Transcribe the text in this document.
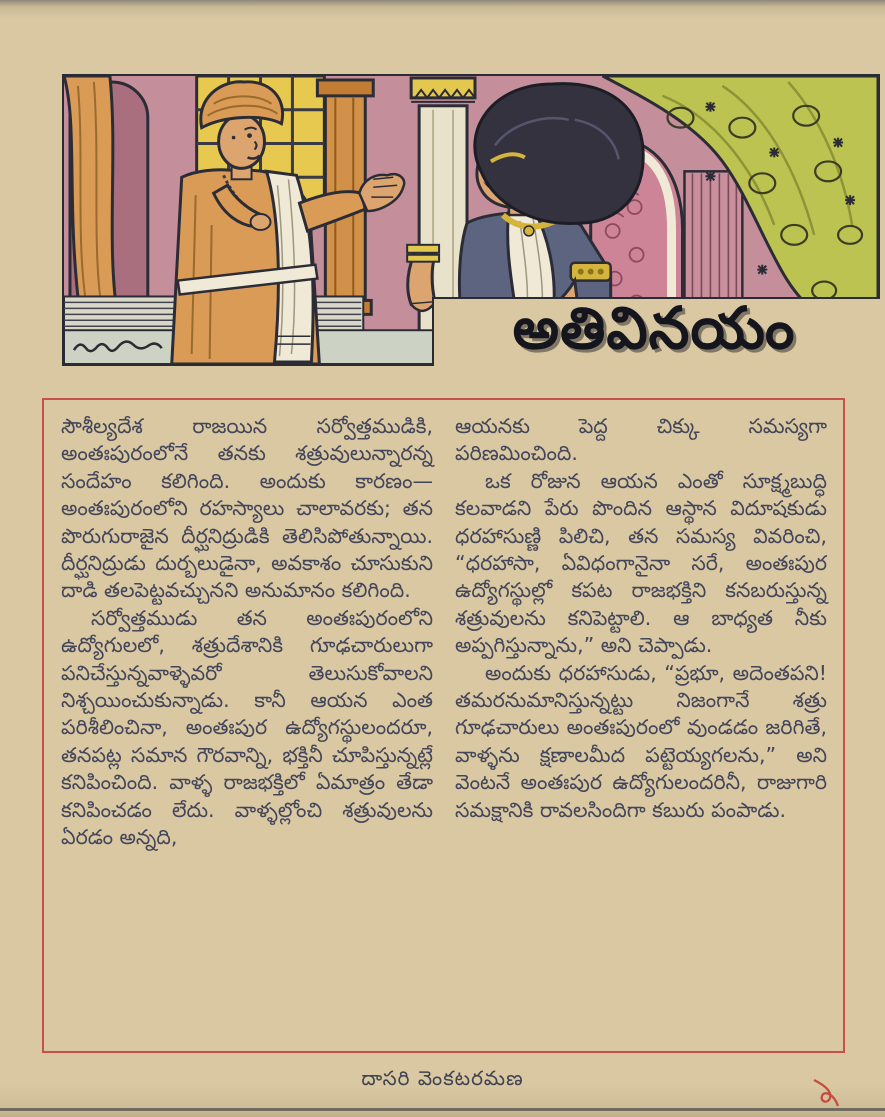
అతివినయం

సౌశీల్యదేశ రాజయిన సర్వోత్తముడికి, అంతఃపురంలోనే తనకు శత్రువులున్నారన్న సందేహం కలిగింది. అందుకు కారణం—అంతఃపురంలోని రహస్యాలు చాలావరకు; తన పొరుగురాజైన దీర్ఘనిద్రుడికి తెలిసిపోతున్నాయి. దీర్ఘనిద్రుడు దుర్బలుడైనా, అవకాశం చూసుకుని దాడి తలపెట్టవచ్చునని అనుమానం కలిగింది.

సర్వోత్తముడు తన అంతఃపురంలోని ఉద్యోగులలో, శత్రుదేశానికి గూఢచారులుగా పనిచేస్తున్నవాళ్ళెవరో తెలుసుకోవాలని నిశ్చయించుకున్నాడు. కానీ ఆయన ఎంత పరిశీలించినా, అంతఃపుర ఉద్యోగస్థులందరూ, తనపట్ల సమాన గౌరవాన్ని, భక్తినీ చూపిస్తున్నట్లే కనిపించింది. వాళ్ళ రాజభక్తిలో ఏమాత్రం తేడా కనిపించడం లేదు. వాళ్ళల్లోంచి శత్రువులను ఏరడం అన్నది,

ఆయనకు పెద్ద చిక్కు సమస్యగా పరిణమించింది.

ఒక రోజున ఆయన ఎంతో సూక్ష్మబుద్ధి కలవాడని పేరు పొందిన ఆస్థాన విదూషకుడు ధరహాసుణ్ణి పిలిచి, తన సమస్య వివరించి, “ధరహాసా, ఏవిధంగానైనా సరే, అంతఃపుర ఉద్యోగస్థుల్లో కపట రాజభక్తిని కనబరుస్తున్న శత్రువులను కనిపెట్టాలి. ఆ బాధ్యత నీకు అప్పగిస్తున్నాను,” అని చెప్పాడు.

అందుకు ధరహాసుడు, “ప్రభూ, అదెంతపని! తమరనుమానిస్తున్నట్టు నిజంగానే శత్రు గూఢచారులు అంతఃపురంలో వుండడం జరిగితే, వాళ్ళను క్షణాలమీద పట్టెయ్యగలను,” అని వెంటనే అంతఃపుర ఉద్యోగులందరినీ, రాజుగారి సమక్షానికి రావలసిందిగా కబురు పంపాడు.

దాసరి వెంకటరమణ
